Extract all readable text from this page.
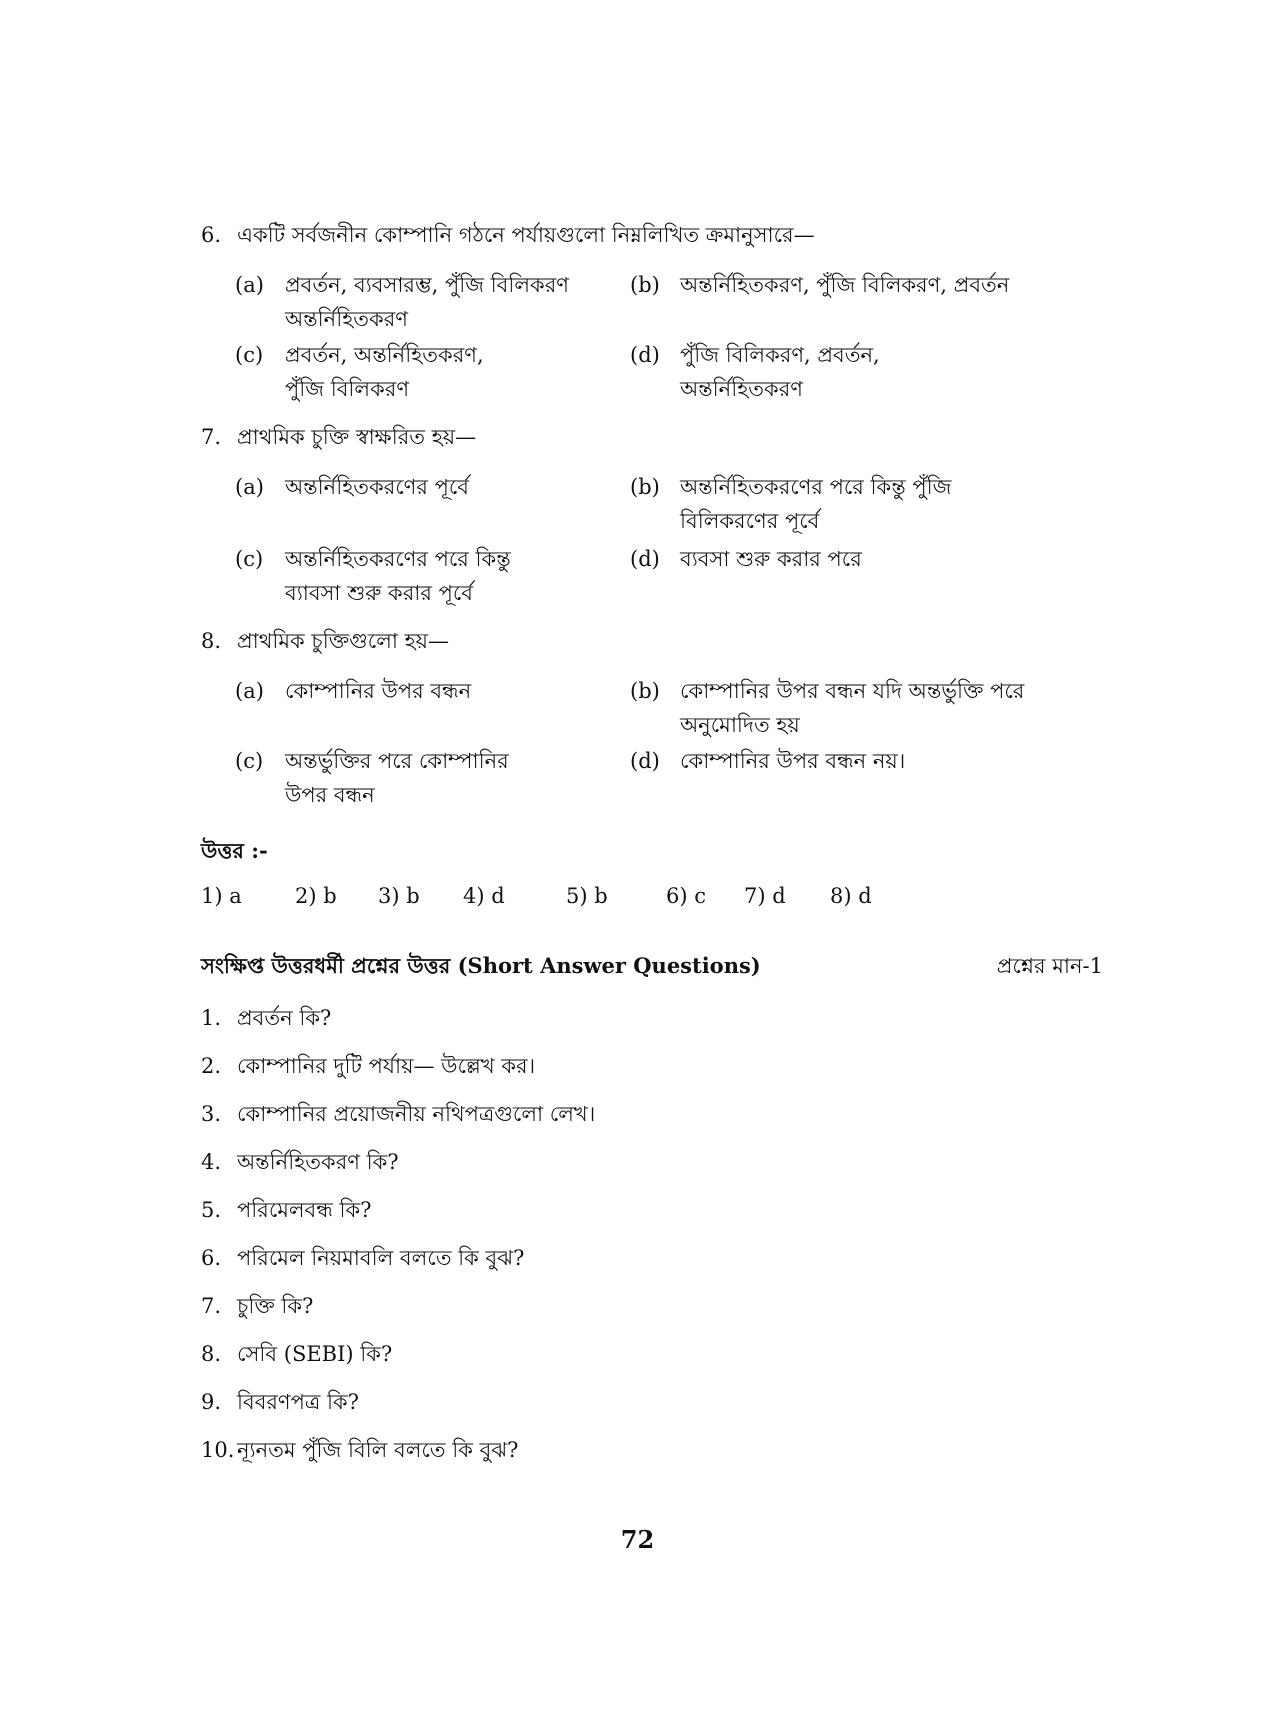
6. একটি সর্বজনীন কোম্পানি গঠনে পর্যায়গুলো নিম্নলিখিত ক্রমানুসারে—
(a) প্রবর্তন, ব্যবসারম্ভ, পুঁজি বিলিকরণ অন্তর্নিহিতকরণ
(b) অন্তর্নিহিতকরণ, পুঁজি বিলিকরণ, প্রবর্তন
(c) প্রবর্তন, অন্তর্নিহিতকরণ, পুঁজি বিলিকরণ
(d) পুঁজি বিলিকরণ, প্রবর্তন, অন্তর্নিহিতকরণ
7. প্রাথমিক চুক্তি স্বাক্ষরিত হয়—
(a) অন্তর্নিহিতকরণের পূর্বে	(b) অন্তর্নিহিতকরণের পরে কিন্তু পুঁজি বিলিকরণের পূর্বে
(c) অন্তর্নিহিতকরণের পরে কিন্তু ব্যাবসা শুরু করার পূর্বে
(d) ব্যবসা শুরু করার পরে
8. প্রাথমিক চুক্তিগুলো হয়—
(a) কোম্পানির উপর বন্ধন	(b) কোম্পানির উপর বন্ধন যদি অন্তর্ভুক্তি পরে অনুমোদিত হয়
(c) অন্তর্ভুক্তির পরে কোম্পানির উপর বন্ধন
(d) কোম্পানির উপর বন্ধন নয়।
উত্তর :-
1) a	2) b 3) b 4) d	5) b	6) c 7) d 8) d
সংক্ষিপ্ত উত্তরধর্মী প্রশ্নের উত্তর (Short Answer Questions)	প্রশ্নের মান-1
1. প্রবর্তন কি?
2. কোম্পানির দুটি পর্যায়— উল্লেখ কর।
3. কোম্পানির প্রয়োজনীয় নথিপত্রগুলো লেখ।
4. অন্তর্নিহিতকরণ কি?
5. পরিমেলবন্ধ কি?
6. পরিমেল নিয়মাবলি বলতে কি বুঝ?
7. চুক্তি কি?
8. সেবি (SEBI) কি?
9. বিবরণপত্র কি?
10. ন্যূনতম পুঁজি বিলি বলতে কি বুঝ?
72
